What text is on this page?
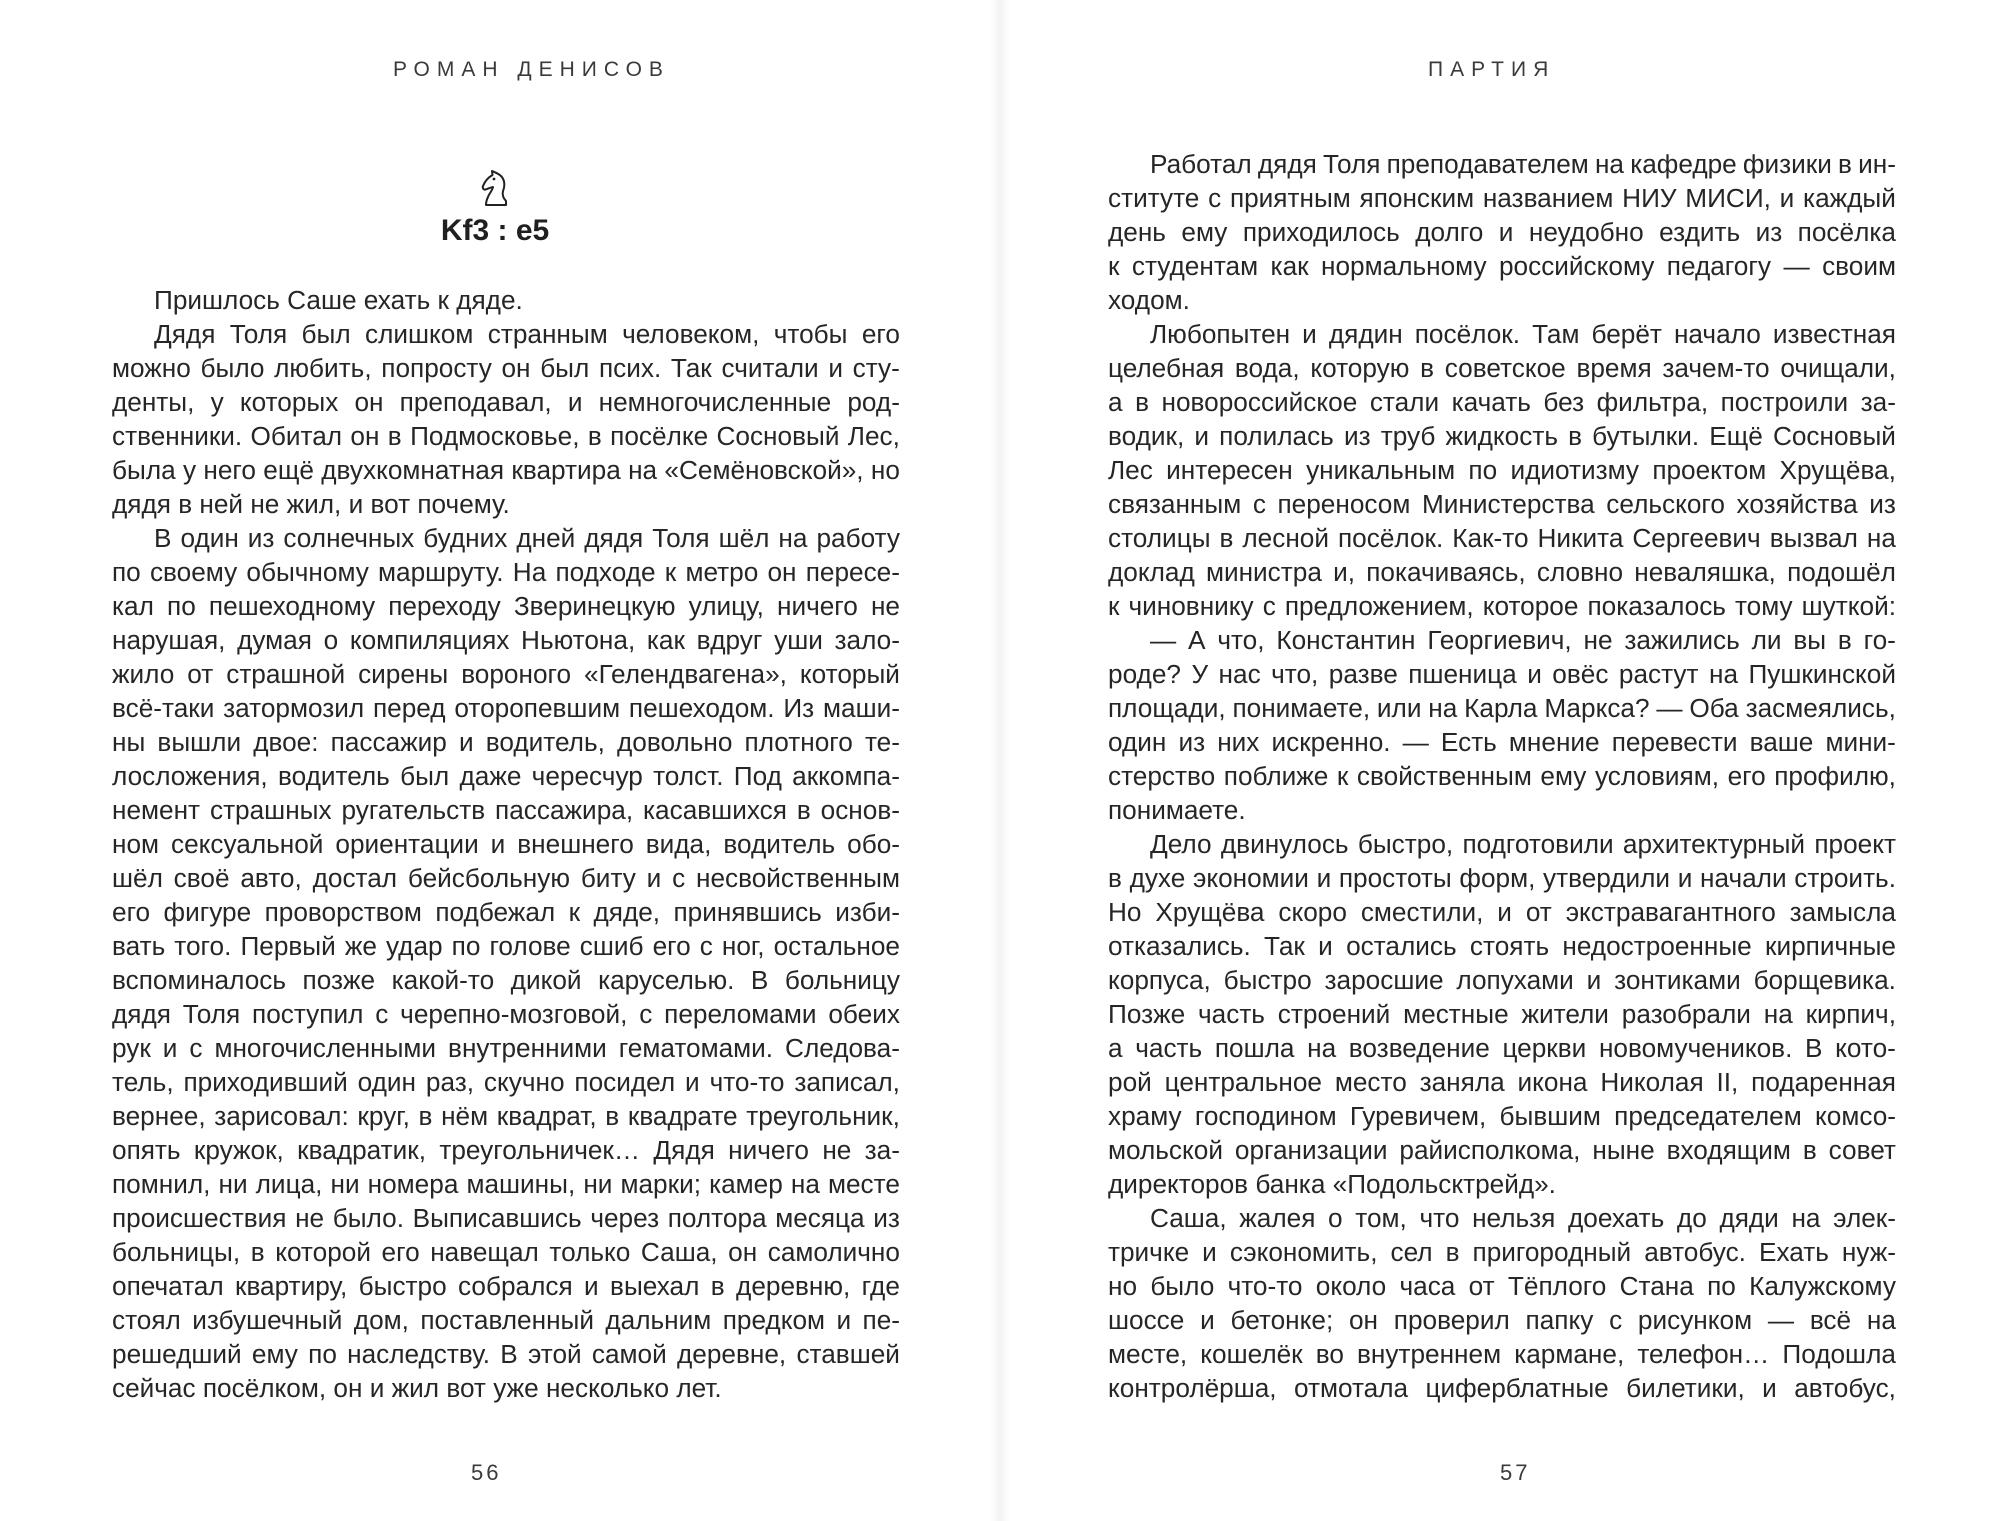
РОМАН ДЕНИСОВ
Kf3 : e5
Пришлось Саше ехать к дяде.
Дядя Толя был слишком странным человеком, чтобы его
можно было любить, попросту он был псих. Так считали и сту-
денты, у которых он преподавал, и немногочисленные род-
ственники. Обитал он в Подмосковье, в посёлке Сосновый Лес,
была у него ещё двухкомнатная квартира на «Семёновской», но
дядя в ней не жил, и вот почему.
В один из солнечных будних дней дядя Толя шёл на работу
по своему обычному маршруту. На подходе к метро он пересе-
кал по пешеходному переходу Зверинецкую улицу, ничего не
нарушая, думая о компиляциях Ньютона, как вдруг уши зало-
жило от страшной сирены вороного «Гелендвагена», который
всё-таки затормозил перед оторопевшим пешеходом. Из маши-
ны вышли двое: пассажир и водитель, довольно плотного те-
лосложения, водитель был даже чересчур толст. Под аккомпа-
немент страшных ругательств пассажира, касавшихся в основ-
ном сексуальной ориентации и внешнего вида, водитель обо-
шёл своё авто, достал бейсбольную биту и с несвойственным
его фигуре проворством подбежал к дяде, принявшись изби-
вать того. Первый же удар по голове сшиб его с ног, остальное
вспоминалось позже какой-то дикой каруселью. В больницу
дядя Толя поступил с черепно-мозговой, с переломами обеих
рук и с многочисленными внутренними гематомами. Следова-
тель, приходивший один раз, скучно посидел и что-то записал,
вернее, зарисовал: круг, в нём квадрат, в квадрате треугольник,
опять кружок, квадратик, треугольничек… Дядя ничего не за-
помнил, ни лица, ни номера машины, ни марки; камер на месте
происшествия не было. Выписавшись через полтора месяца из
больницы, в которой его навещал только Саша, он самолично
опечатал квартиру, быстро собрался и выехал в деревню, где
стоял избушечный дом, поставленный дальним предком и пе-
решедший ему по наследству. В этой самой деревне, ставшей
сейчас посёлком, он и жил вот уже несколько лет.
56
ПАРТИЯ
Работал дядя Толя преподавателем на кафедре физики в ин-
ституте с приятным японским названием НИУ МИСИ, и каждый
день ему приходилось долго и неудобно ездить из посёлка
к студентам как нормальному российскому педагогу — своим
ходом.
Любопытен и дядин посёлок. Там берёт начало известная
целебная вода, которую в советское время зачем-то очищали,
а в новороссийское стали качать без фильтра, построили за-
водик, и полилась из труб жидкость в бутылки. Ещё Сосновый
Лес интересен уникальным по идиотизму проектом Хрущёва,
связанным с переносом Министерства сельского хозяйства из
столицы в лесной посёлок. Как-то Никита Сергеевич вызвал на
доклад министра и, покачиваясь, словно неваляшка, подошёл
к чиновнику с предложением, которое показалось тому шуткой:
— А что, Константин Георгиевич, не зажились ли вы в го-
роде? У нас что, разве пшеница и овёс растут на Пушкинской
площади, понимаете, или на Карла Маркса? — Оба засмеялись,
один из них искренно. — Есть мнение перевести ваше мини-
стерство поближе к свойственным ему условиям, его профилю,
понимаете.
Дело двинулось быстро, подготовили архитектурный проект
в духе экономии и простоты форм, утвердили и начали строить.
Но Хрущёва скоро сместили, и от экстравагантного замысла
отказались. Так и остались стоять недостроенные кирпичные
корпуса, быстро заросшие лопухами и зонтиками борщевика.
Позже часть строений местные жители разобрали на кирпич,
а часть пошла на возведение церкви новомучеников. В кото-
рой центральное место заняла икона Николая II, подаренная
храму господином Гуревичем, бывшим председателем комсо-
мольской организации райисполкома, ныне входящим в совет
директоров банка «Подольсктрейд».
Саша, жалея о том, что нельзя доехать до дяди на элек-
тричке и сэкономить, сел в пригородный автобус. Ехать нуж-
но было что-то около часа от Тёплого Стана по Калужскому
шоссе и бетонке; он проверил папку с рисунком — всё на
месте, кошелёк во внутреннем кармане, телефон… Подошла
контролёрша, отмотала циферблатные билетики, и автобус,
57
